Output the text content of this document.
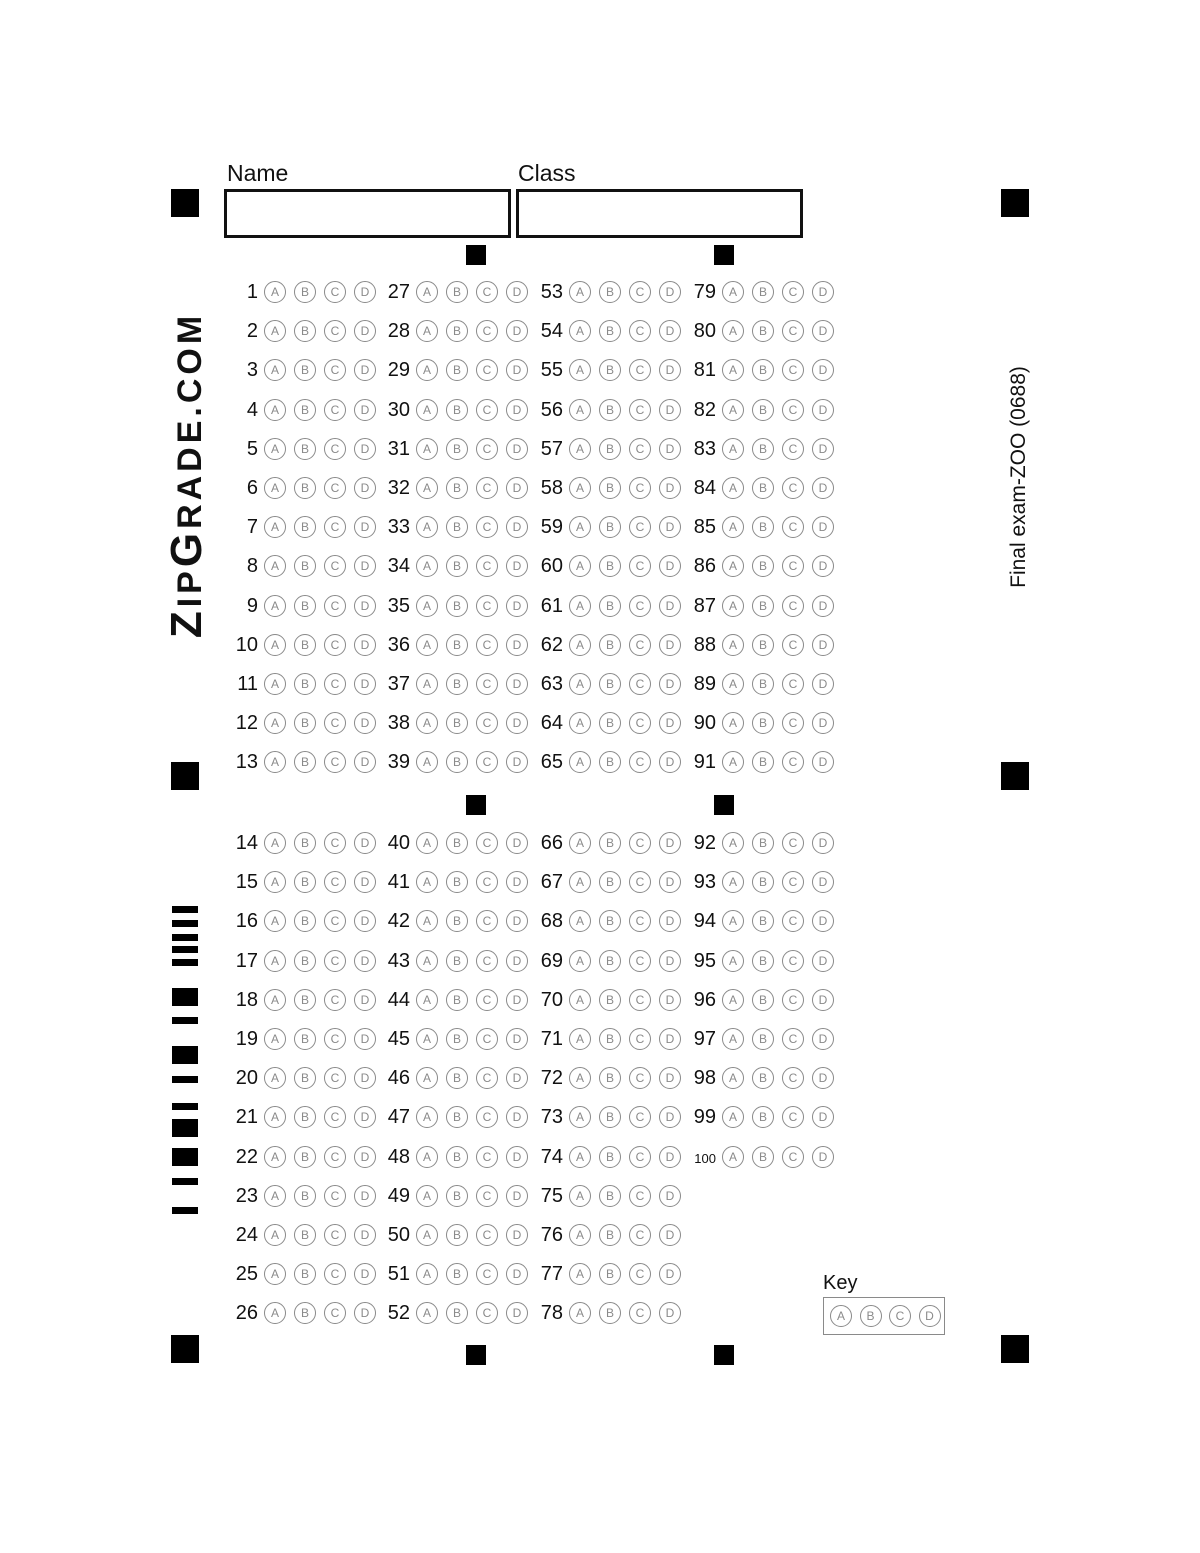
Name	Class
ZIPGRADE.COM	Final exam-ZOO (0688)
1	A	B	C	D
2	A	B	C	D
3	A	B	C	D
4	A	B	C	D
5	A	B	C	D
6	A	B	C	D
7	A	B	C	D
8	A	B	C	D
9	A	B	C	D
10	A	B	C	D
11	A	B	C	D
12	A	B	C	D
13	A	B	C	D
14	A	B	C	D
15	A	B	C	D
16	A	B	C	D
17	A	B	C	D
18	A	B	C	D
19	A	B	C	D
20	A	B	C	D
21	A	B	C	D
22	A	B	C	D
23	A	B	C	D
24	A	B	C	D
25	A	B	C	D
26	A	B	C	D
27	A	B	C	D
28	A	B	C	D
29	A	B	C	D
30	A	B	C	D
31	A	B	C	D
32	A	B	C	D
33	A	B	C	D
34	A	B	C	D
35	A	B	C	D
36	A	B	C	D
37	A	B	C	D
38	A	B	C	D
39	A	B	C	D
40	A	B	C	D
41	A	B	C	D
42	A	B	C	D
43	A	B	C	D
44	A	B	C	D
45	A	B	C	D
46	A	B	C	D
47	A	B	C	D
48	A	B	C	D
49	A	B	C	D
50	A	B	C	D
51	A	B	C	D
52	A	B	C	D
53	A	B	C	D
54	A	B	C	D
55	A	B	C	D
56	A	B	C	D
57	A	B	C	D
58	A	B	C	D
59	A	B	C	D
60	A	B	C	D
61	A	B	C	D
62	A	B	C	D
63	A	B	C	D
64	A	B	C	D
65	A	B	C	D
66	A	B	C	D
67	A	B	C	D
68	A	B	C	D
69	A	B	C	D
70	A	B	C	D
71	A	B	C	D
72	A	B	C	D
73	A	B	C	D
74	A	B	C	D
75	A	B	C	D
76	A	B	C	D
77	A	B	C	D
78	A	B	C	D
79	A	B	C	D
80	A	B	C	D
81	A	B	C	D
82	A	B	C	D
83	A	B	C	D
84	A	B	C	D
85	A	B	C	D
86	A	B	C	D
87	A	B	C	D
88	A	B	C	D
89	A	B	C	D
90	A	B	C	D
91	A	B	C	D
92	A	B	C	D
93	A	B	C	D
94	A	B	C	D
95	A	B	C	D
96	A	B	C	D
97	A	B	C	D
98	A	B	C	D
99	A	B	C	D
100	A	B	C	D
Key
A	B	C	D
